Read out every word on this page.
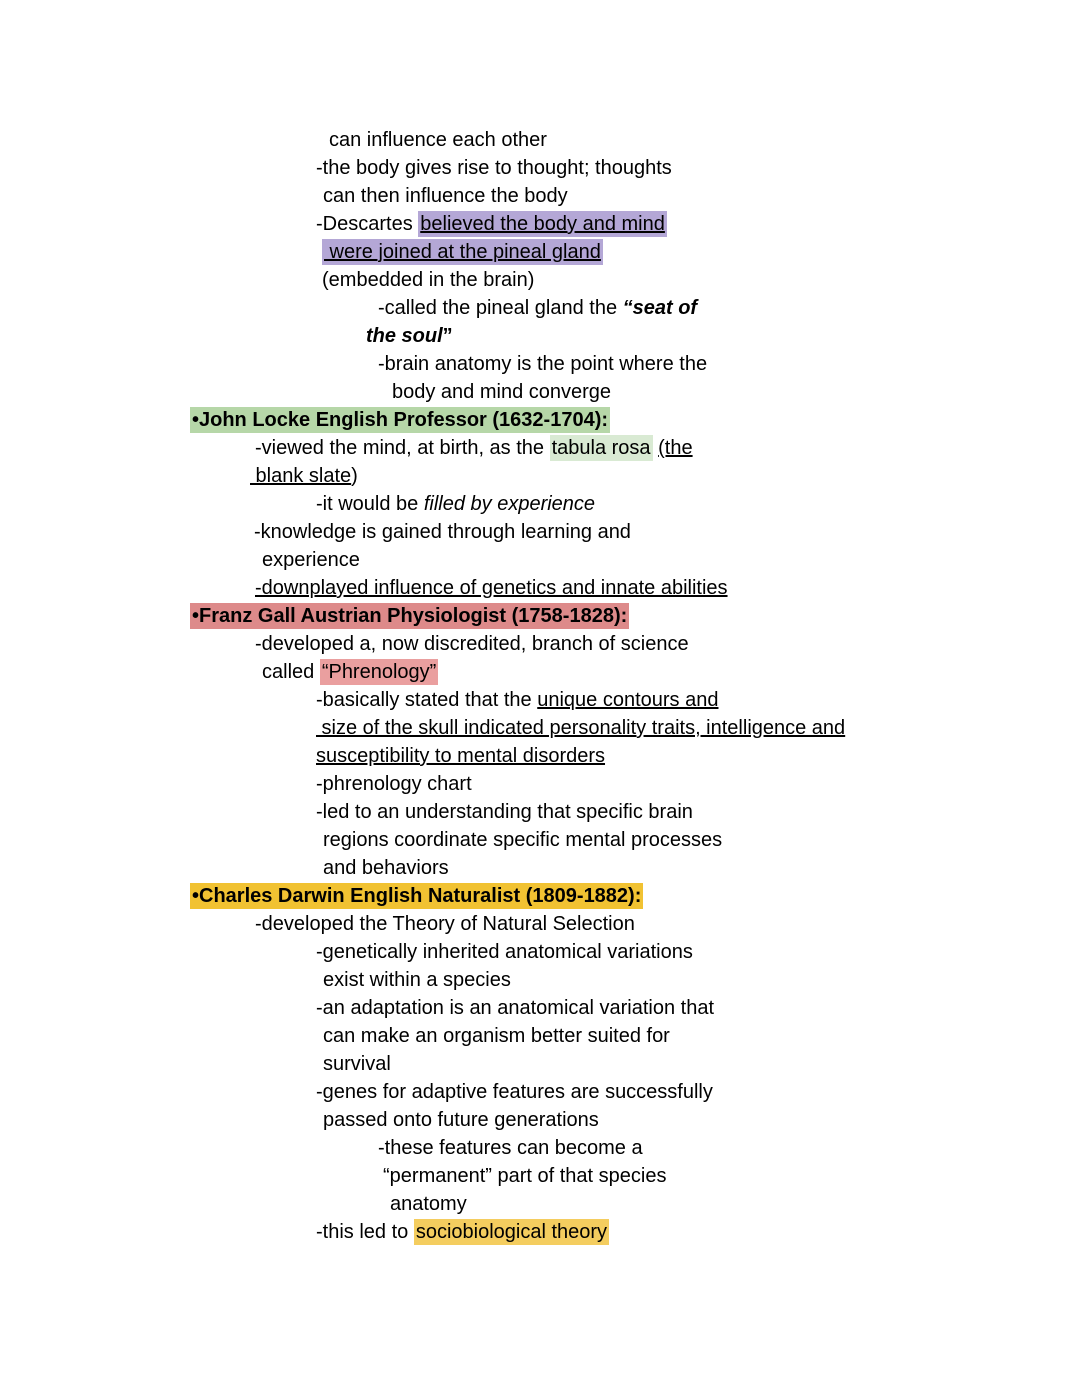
can influence each other
-the body gives rise to thought; thoughts
can then influence the body
-Descartes believed the body and mind
were joined at the pineal gland
(embedded in the brain)
-called the pineal gland the “seat of
the soul”
-brain anatomy is the point where the
body and mind converge
•John Locke English Professor (1632-1704):
-viewed the mind, at birth, as the tabula rosa (the
blank slate)
-it would be filled by experience
-knowledge is gained through learning and
experience
-downplayed influence of genetics and innate abilities
•Franz Gall Austrian Physiologist (1758-1828):
-developed a, now discredited, branch of science
called “Phrenology”
-basically stated that the unique contours and
size of the skull indicated personality traits, intelligence and
susceptibility to mental disorders
-phrenology chart
-led to an understanding that specific brain
regions coordinate specific mental processes
and behaviors
•Charles Darwin English Naturalist (1809-1882):
-developed the Theory of Natural Selection
-genetically inherited anatomical variations
exist within a species
-an adaptation is an anatomical variation that
can make an organism better suited for
survival
-genes for adaptive features are successfully
passed onto future generations
-these features can become a
“permanent” part of that species
anatomy
-this led to sociobiological theory
